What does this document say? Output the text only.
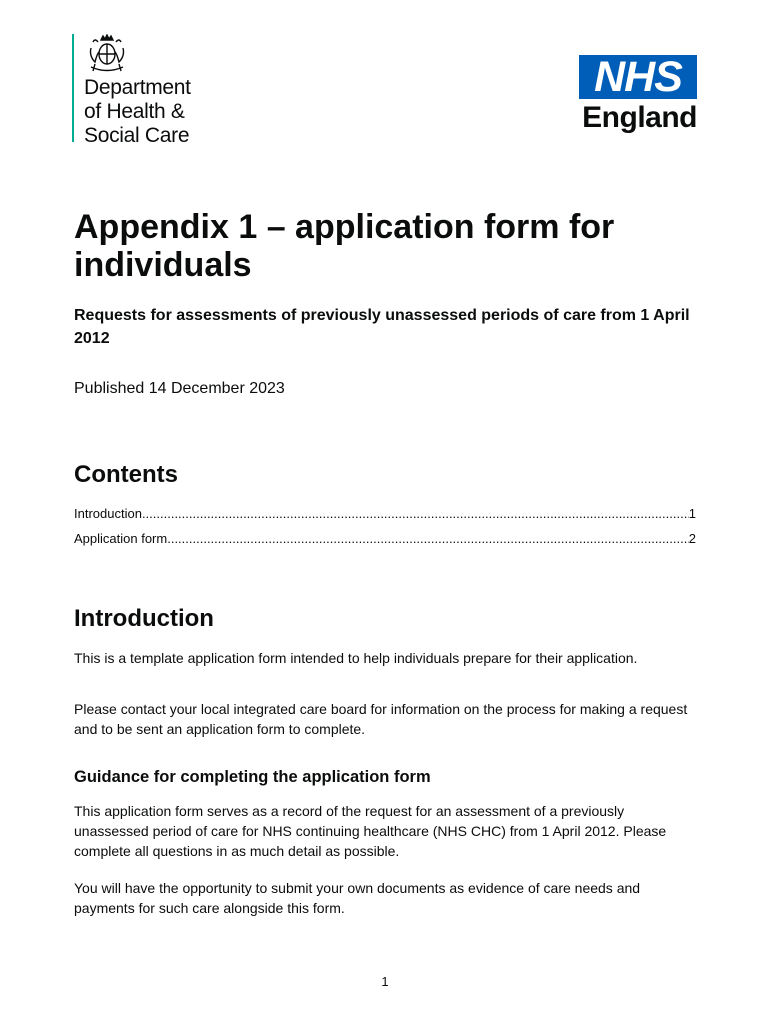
Department
of Health &
Social Care
NHS
England
Appendix 1 – application form for individuals

Requests for assessments of previously unassessed periods of care from 1 April 2012

Published 14 December 2023

Contents
Introduction .....	1
Application form .....	2
Introduction

This is a template application form intended to help individuals prepare for their application.

Please contact your local integrated care board for information on the process for making a request and to be sent an application form to complete.

Guidance for completing the application form

This application form serves as a record of the request for an assessment of a previously unassessed period of care for NHS continuing healthcare (NHS CHC) from 1 April 2012. Please complete all questions in as much detail as possible.

You will have the opportunity to submit your own documents as evidence of care needs and payments for such care alongside this form.

1
